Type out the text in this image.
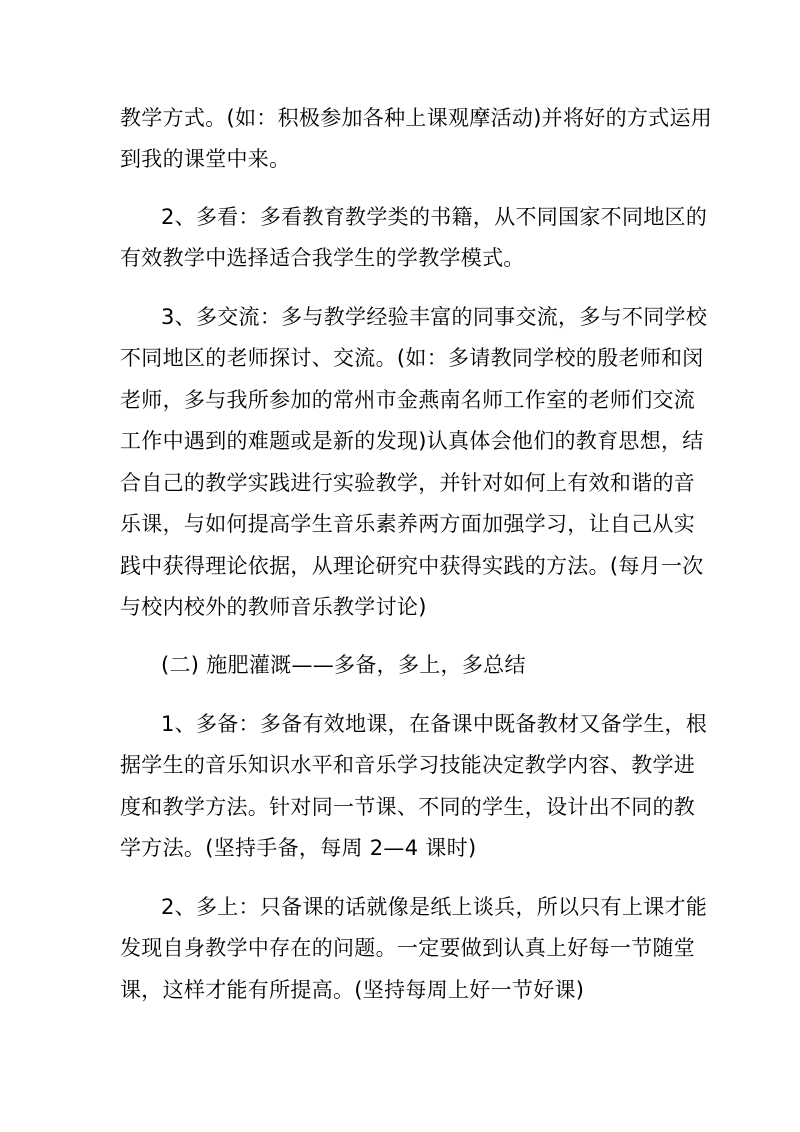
教学方式。(如：积极参加各种上课观摩活动)并将好的方式运用
到我的课堂中来。
2、多看：多看教育教学类的书籍，从不同国家不同地区的
有效教学中选择适合我学生的学教学模式。
3、多交流：多与教学经验丰富的同事交流，多与不同学校
不同地区的老师探讨、交流。(如：多请教同学校的殷老师和闵
老师，多与我所参加的常州市金燕南名师工作室的老师们交流
工作中遇到的难题或是新的发现)认真体会他们的教育思想，结
合自己的教学实践进行实验教学，并针对如何上有效和谐的音
乐课，与如何提高学生音乐素养两方面加强学习，让自己从实
践中获得理论依据，从理论研究中获得实践的方法。(每月一次
与校内校外的教师音乐教学讨论)
(二) 施肥灌溉——多备，多上，多总结
1、多备：多备有效地课，在备课中既备教材又备学生，根
据学生的音乐知识水平和音乐学习技能决定教学内容、教学进
度和教学方法。针对同一节课、不同的学生，设计出不同的教
学方法。(坚持手备，每周 2—4 课时)
2、多上：只备课的话就像是纸上谈兵，所以只有上课才能
发现自身教学中存在的问题。一定要做到认真上好每一节随堂
课，这样才能有所提高。(坚持每周上好一节好课)
